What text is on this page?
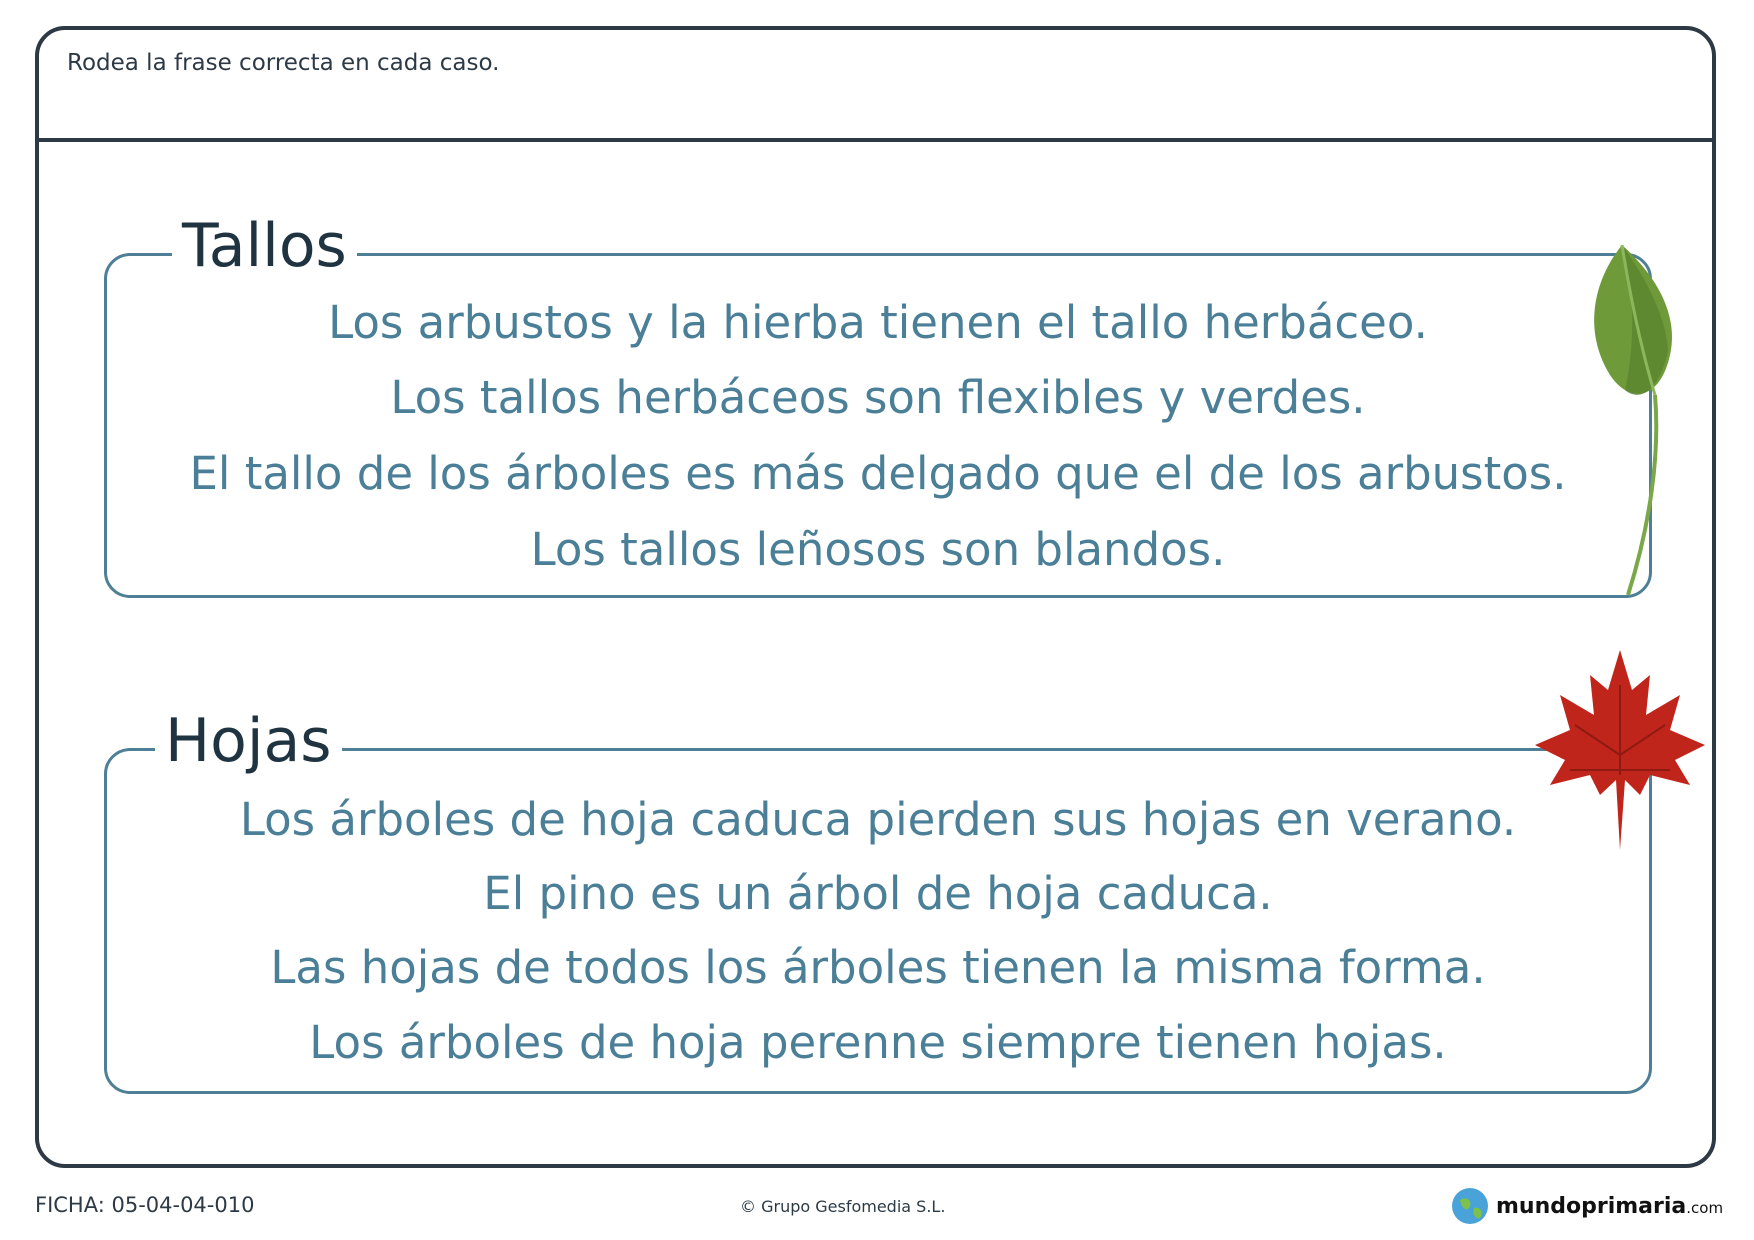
Rodea la frase correcta en cada caso.
Tallos
Los arbustos y la hierba tienen el tallo herbáceo.
Los tallos herbáceos son flexibles y verdes.
El tallo de los árboles es más delgado que el de los arbustos.
Los tallos leñosos son blandos.
Hojas
Los árboles de hoja caduca pierden sus hojas en verano.
El pino es un árbol de hoja caduca.
Las hojas de todos los árboles tienen la misma forma.
Los árboles de hoja perenne siempre tienen hojas.
FICHA: 05-04-04-010	© Grupo Gesfomedia S.L.	mundoprimaria.com
